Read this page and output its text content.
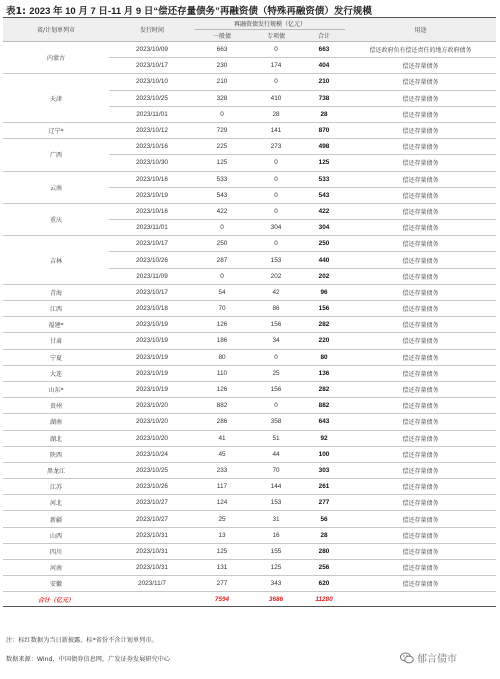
表1: 2023 年 10 月 7 日-11 月 9 日“偿还存量债务”再融资债（特殊再融资债）发行规模
省/计划单列市	发行时间	再融资债发行规模（亿元）			用途
		一般债	专项债	合计	
内蒙古	2023/10/09	663	0	663	偿还政府负有偿还责任的地方政府债务
	2023/10/17	230	174	404	偿还存量债务
天津	2023/10/10	210	0	210	偿还存量债务
	2023/10/25	328	410	738	偿还存量债务
	2023/11/01	0	28	28	偿还存量债务
辽宁*	2023/10/12	729	141	870	偿还存量债务
广西	2023/10/16	225	273	498	偿还存量债务
	2023/10/30	125	0	125	偿还存量债务
云南	2023/10/16	533	0	533	偿还存量债务
	2023/10/19	543	0	543	偿还存量债务
重庆	2023/10/16	422	0	422	偿还存量债务
	2023/11/01	0	304	304	偿还存量债务
吉林	2023/10/17	250	0	250	偿还存量债务
	2023/10/26	287	153	440	偿还存量债务
	2023/11/09	0	202	202	偿还存量债务
青海	2023/10/17	54	42	96	偿还存量债务
江西	2023/10/18	70	86	156	偿还存量债务
福建*	2023/10/19	126	156	282	偿还存量债务
甘肃	2023/10/19	186	34	220	偿还存量债务
宁夏	2023/10/19	80	0	80	偿还存量债务
大连	2023/10/19	110	25	136	偿还存量债务
山东*	2023/10/19	126	156	282	偿还存量债务
贵州	2023/10/20	882	0	882	偿还存量债务
湖南	2023/10/20	286	358	643	偿还存量债务
湖北	2023/10/20	41	51	92	偿还存量债务
陕西	2023/10/24	45	44	100	偿还存量债务
黑龙江	2023/10/25	233	70	303	偿还存量债务
江苏	2023/10/26	117	144	261	偿还存量债务
河北	2023/10/27	124	153	277	偿还存量债务
新疆	2023/10/27	25	31	56	偿还存量债务
山西	2023/10/31	13	16	28	偿还存量债务
四川	2023/10/31	125	155	280	偿还存量债务
河南	2023/10/31	131	125	256	偿还存量债务
安徽	2023/11/7	277	343	620	偿还存量债务
合计（亿元）		7594	3686	11280	
注：标红数据为当日新披露，标*省份不含计划单列市。
数据来源：Wind，中国债券信息网，广发证券发展研究中心	郁言债市
